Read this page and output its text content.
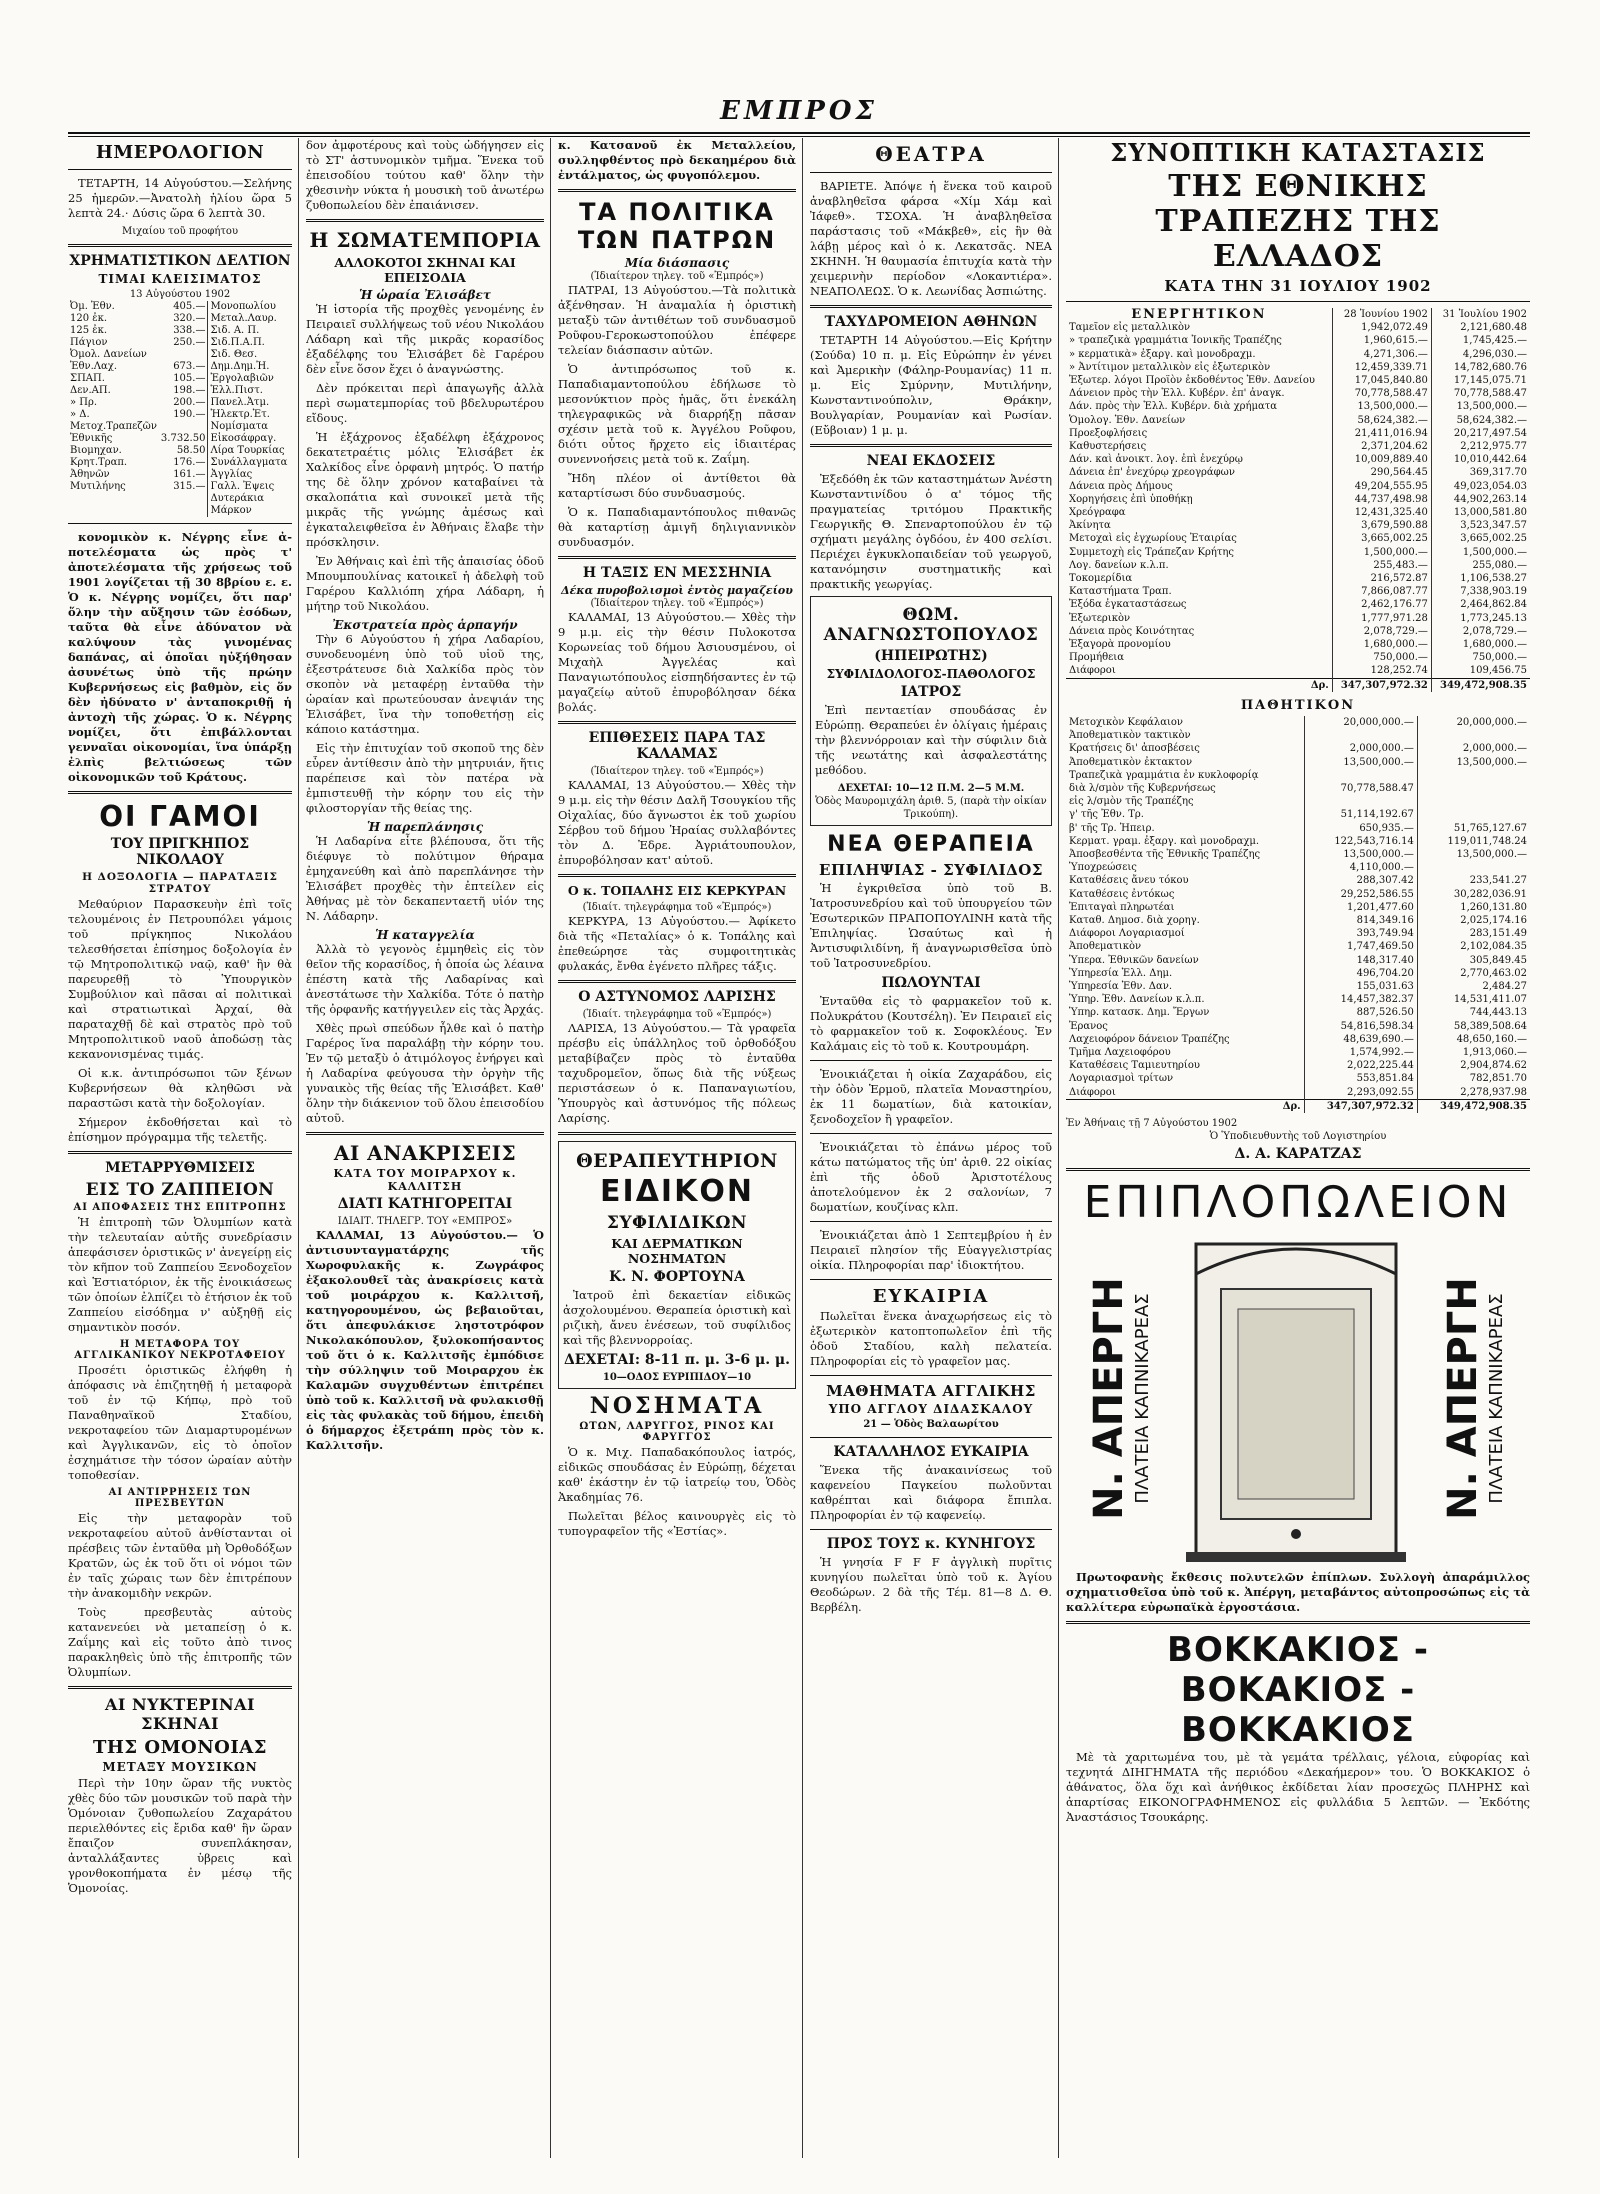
ΕΜΠΡΟΣ
ΗΜΕΡΟΛΟΓΙΟΝ

ΤΕΤΑΡΤΗ, 14 Αὐγούστου.—Σελήνης 25 ἡμερῶν.—Ἀνατολὴ ἡλίου ὥρα 5 λεπτὰ 24.· Δύσις ὥρα 6 λεπτὰ 30.

Μιχαίου τοῦ προφήτου
ΧΡΗΜΑΤΙΣΤΙΚΟΝ ΔΕΛΤΙΟΝ
ΤΙΜΑΙ ΚΛΕΙΣΙΜΑΤΟΣ
13 Αὐγούστου 1902
Ὀμ. Ἐθν.	405.—	Μονοπωλίου	
120 ἐκ.	320.—	Μεταλ.Λαυρ.	
125 ἐκ.	338.—	Σιδ. Α. Π.	
Πάγιον	250.—	Σιδ.Π.Α.Π.	
Ὀμολ. Δανείων		Σιδ. Θεσ.	
Ἐθν.Λαχ.	673.—	Δημ.Δημ.Ἠ.	
ΣΠΑΠ.	105.—	Ἐργολαβιῶν	
Δεν.ΑΠ.	198.—	Ἑλλ.Πιστ.	
» Πρ.	200.—	Πανελ.Ἀτμ.	
» Δ.	190.—	Ἠλεκτρ.Ἑτ.	
Μετοχ.Τραπεζῶν		Νομίσματα	
Ἐθνικῆς	3.732.50	Εἰκοσάφραγ.	
Βιομηχαν.	58.50	Λίρα Τουρκίας	
Κρητ.Τραπ.	176.—	Συνάλλαγματα	
Ἀθηνῶν	161.—	Ἀγγλίας	
Μυτιλήνης	315.—	Γαλλ. Ἐψεις	
		Δυτεράκια	
		Μάρκον	

κονομικὸν κ. Νέγρης εἶνε ἀ-ποτελέσματα ὡς πρὸς τ' ἀποτελέσματα τῆς χρήσεως τοῦ 1901 λογίζεται τῇ 30 8βρίου ε. ε. Ὁ κ. Νέγρης νομίζει, ὅτι παρ' ὅλην τὴν αὔξησιν τῶν ἐσόδων, ταῦτα θὰ εἶνε ἀδύνατον νὰ καλύψουν τὰς γινομένας δαπάνας, αἱ ὁποῖαι ηὐξήθησαν ἀσυνέτως ὑπὸ τῆς πρώην Κυβερνήσεως εἰς βαθμὸν, εἰς ὅν δὲν ἠδύνατο ν' ἀνταποκριθῇ ἡ ἀντοχὴ τῆς χώρας. Ὁ κ. Νέγρης νομίζει, ὅτι ἐπιβάλλονται γενναῖαι οἰκονομίαι, ἵνα ὑπάρξῃ ἐλπὶς βελτιώσεως τῶν οἰκονομικῶν τοῦ Κράτους.

ΟΙ ΓΑΜΟΙ
ΤΟΥ ΠΡΙΓΚΗΠΟΣ ΝΙΚΟΛΑΟΥ
Η ΔΟΞΟΛΟΓΙΑ — ΠΑΡΑΤΑΞΙΣ ΣΤΡΑΤΟΥ

Μεθαύριον Παρασκευὴν ἐπὶ τοῖς τελουμένοις ἐν Πετρουπόλει γάμοις τοῦ πρίγκηπος Νικολάου τελεσθήσεται ἐπίσημος δοξολογία ἐν τῷ Μητροπολιτικῷ ναῷ, καθ' ἣν θὰ παρευρεθῇ τὸ Ὑπουργικὸν Συμβούλιον καὶ πᾶσαι αἱ πολιτικαὶ καὶ στρατιωτικαὶ Ἀρχαί, θὰ παραταχθῇ δὲ καὶ στρατὸς πρὸ τοῦ Μητροπολιτικοῦ ναοῦ ἀποδώσῃ τὰς κεκανονισμένας τιμάς.

Οἱ κ.κ. ἀντιπρόσωποι τῶν ξένων Κυβερνήσεων θὰ κληθῶσι νὰ παραστῶσι κατὰ τὴν δοξολογίαν.

Σήμερον ἐκδοθήσεται καὶ τὸ ἐπίσημον πρόγραμμα τῆς τελετῆς.

ΜΕΤΑΡΡΥΘΜΙΣΕΙΣ
ΕΙΣ ΤΟ ΖΑΠΠΕΙΟΝ
ΑΙ ΑΠΟΦΑΣΕΙΣ ΤΗΣ ΕΠΙΤΡΟΠΗΣ

Ἡ ἐπιτροπὴ τῶν Ὀλυμπίων κατὰ τὴν τελευταίαν αὐτῆς συνεδρίασιν ἀπεφάσισεν ὁριστικῶς ν' ἀνεγείρῃ εἰς τὸν κῆπον τοῦ Ζαππείου Ξενοδοχεῖον καὶ Ἑστιατόριον, ἐκ τῆς ἐνοικιάσεως τῶν ὁποίων ἐλπίζει τὸ ἐτήσιον ἐκ τοῦ Ζαππείου εἰσόδημα ν' αὐξηθῇ εἰς σημαντικὸν ποσόν.

Η ΜΕΤΑΦΟΡΑ ΤΟΥ ΑΓΓΛΙΚΑΝΙΚΟΥ ΝΕΚΡΟΤΑΦΕΙΟΥ

Προσέτι ὁριστικῶς ἐλήφθη ἡ ἀπόφασις νὰ ἐπιζητηθῇ ἡ μεταφορὰ τοῦ ἐν τῷ Κήπῳ, πρὸ τοῦ Παναθηναϊκοῦ Σταδίου, νεκροταφείου τῶν Διαμαρτυρομένων καὶ Ἀγγλικανῶν, εἰς τὸ ὁποῖον ἐσχημάτισε τὴν τόσον ὡραίαν αὐτὴν τοποθεσίαν.

ΑΙ ΑΝΤΙΡΡΗΣΕΙΣ ΤΩΝ ΠΡΕΣΒΕΥΤΩΝ

Εἰς τὴν μεταφορὰν τοῦ νεκροταφείου αὐτοῦ ἀνθίστανται οἱ πρέσβεις τῶν ἐνταῦθα μὴ Ὀρθοδόξων Κρατῶν, ὡς ἐκ τοῦ ὅτι οἱ νόμοι τῶν ἐν ταῖς χώραις των δὲν ἐπιτρέπουν τὴν ἀνακομιδὴν νεκρῶν.

Τοὺς πρεσβευτὰς αὐτοὺς κατανενεύει νὰ μεταπείσῃ ὁ κ. Ζαΐμης καὶ εἰς τοῦτο ἀπὸ τινος παρακληθεὶς ὑπὸ τῆς ἐπιτροπῆς τῶν Ὀλυμπίων.

ΑΙ ΝΥΚΤΕΡΙΝΑΙ ΣΚΗΝΑΙ
ΤΗΣ ΟΜΟΝΟΙΑΣ
ΜΕΤΑΞΥ ΜΟΥΣΙΚΩΝ

Περὶ τὴν 10ην ὥραν τῆς νυκτὸς χθὲς δύο τῶν μουσικῶν τοῦ παρὰ τὴν Ὁμόνοιαν ζυθοπωλείου Ζαχαράτου περιελθόντες εἰς ἔριδα καθ' ἣν ὥραν ἔπαιζον συνεπλάκησαν, ἀνταλλάξαντες ὑβρεις καὶ γρονθοκοπήματα ἐν μέσῳ τῆς Ὁμονοίας.

δον ἀμφοτέρους καὶ τοὺς ὡδήγησεν εἰς τὸ ΣΤ' ἀστυνομικὸν τμῆμα. Ἕνεκα τοῦ ἐπεισοδίου τούτου καθ' ὅλην τὴν χθεσινὴν νύκτα ἡ μουσικὴ τοῦ ἀνωτέρω ζυθοπωλείου δὲν ἐπαιάνισεν.

Η ΣΩΜΑΤΕΜΠΟΡΙΑ
ΑΛΛΟΚΟΤΟΙ ΣΚΗΝΑΙ ΚΑΙ ΕΠΕΙΣΟΔΙΑ
Ἡ ὡραία Ἐλισάβετ

Ἡ ἱστορία τῆς προχθὲς γενομένης ἐν Πειραιεῖ συλλήψεως τοῦ νέου Νικολάου Λάδαρη καὶ τῆς μικρᾶς κορασίδος ἐξαδέλφης του Ἐλισάβετ δὲ Γαρέρου δὲν εἶνε ὅσον ἔχει ὁ ἀναγνώστης.

Δὲν πρόκειται περὶ ἁπαγωγῆς ἀλλὰ περὶ σωματεμπορίας τοῦ βδελυρωτέρου εἴδους.

Ἡ ἐξάχρονος ἐξαδέλφη ἐξάχρονος δεκατετραέτις μόλις Ἐλισάβετ ἐκ Χαλκίδος εἶνε ὀρφανὴ μητρός. Ὁ πατήρ της δὲ ὅλην χρόνον καταβαίνει τὰ σκαλοπάτια καὶ συνοικεῖ μετὰ τῆς μικρᾶς τῆς γνώμης ἀμέσως καὶ ἐγκαταλειφθεῖσα ἐν Ἀθήναις ἔλαβε τὴν πρόσκλησιν.

Ἐν Ἀθήναις καὶ ἐπὶ τῆς ἀπαισίας ὁδοῦ Μπουμπουλίνας κατοικεῖ ἡ ἀδελφὴ τοῦ Γαρέρου Καλλιόπη χήρα Λάδαρη, ἡ μήτηρ τοῦ Νικολάου.

Ἐκστρατεία πρὸς ἁρπαγήν

Τὴν 6 Αὐγούστου ἡ χήρα Λαδαρίου, συνοδευομένη ὑπὸ τοῦ υἱοῦ της, ἐξεστράτευσε διὰ Χαλκίδα πρὸς τὸν σκοπὸν νὰ μεταφέρῃ ἐνταῦθα τὴν ὡραίαν καὶ πρωτεύουσαν ἀνεψιάν της Ἐλισάβετ, ἵνα τὴν τοποθετήσῃ εἰς κάποιο κατάστημα.

Εἰς τὴν ἐπιτυχίαν τοῦ σκοποῦ της δὲν εὗρεν ἀντίθεσιν ἀπὸ τὴν μητρυιάν, ἥτις παρέπεισε καὶ τὸν πατέρα νὰ ἐμπιστευθῇ τὴν κόρην του εἰς τὴν φιλοστοργίαν τῆς θείας της.

Ἡ παρεπλάνησις

Ἡ Λαδαρίνα εἶτε βλέπουσα, ὅτι τῆς διέφυγε τὸ πολύτιμον θήραμα ἐμηχανεύθη καὶ ἀπὸ παρεπλάνησε τὴν Ἐλισάβετ προχθὲς τὴν ἐπτείλεν εἰς Ἀθήνας μὲ τὸν δεκαπενταετῆ υἱόν της Ν. Λάδαρην.

Ἡ καταγγελία

Ἀλλὰ τὸ γεγονὸς ἐμμηθεὶς εἰς τὸν θεῖον τῆς κορασίδος, ἡ ὁποία ὡς λέαινα ἐπέστη κατὰ τῆς Λαδαρίνας καὶ ἀνεστάτωσε τὴν Χαλκίδα. Τότε ὁ πατὴρ τῆς ὀρφανῆς κατήγγειλεν εἰς τὰς Ἀρχάς.

Χθὲς πρωὶ σπεύδων ἦλθε καὶ ὁ πατὴρ Γαρέρος ἵνα παραλάβῃ τὴν κόρην του. Ἐν τῷ μεταξὺ ὁ ἀτιμόλογος ἐνήργει καὶ ἡ Λαδαρίνα φεύγουσα τὴν ὀργὴν τῆς γυναικὸς τῆς θείας τῆς Ἐλισάβετ. Καθ' ὅλην τὴν διάκενιον τοῦ ὅλου ἐπεισοδίου αὐτοῦ.

ΑΙ ΑΝΑΚΡΙΣΕΙΣ
ΚΑΤΑ ΤΟΥ ΜΟΙΡΑΡΧΟΥ κ. ΚΑΛΛΙΤΣΗ
ΔΙΑΤΙ ΚΑΤΗΓΟΡΕΙΤΑΙ
ΙΔΙΑΙΤ. ΤΗΛΕΓΡ. ΤΟΥ «ΕΜΠΡΟΣ»

ΚΑΛΑΜΑΙ, 13 Αὐγούστου.— Ὁ ἀντισυνταγματάρχης τῆς Χωροφυλακῆς κ. Ζωγράφος ἐξακολουθεῖ τὰς ἀνακρίσεις κατὰ τοῦ μοιράρχου κ. Καλλιτσῆ, κατηγορουμένου, ὡς βεβαιοῦται, ὅτι ἀπεφυλάκισε ληστοτρόφον Νικολακόπουλον, ξυλοκοπήσαντος τοῦ ὅτι ὁ κ. Καλλιτσῆς ἐμπόδισε τὴν σύλληψιν τοῦ Μοιραρχου ἐκ Καλαμῶν συγχυθέντων ἐπιτρέπει ὑπὸ τοῦ κ. Καλλιτσῆ νὰ φυλακισθῇ εἰς τὰς φυλακὰς τοῦ δήμου, ἐπειδὴ ὁ δήμαρχος ἐξετράπη πρὸς τὸν κ. Καλλιτσῆν.

κ. Κατσανοῦ ἐκ Μεταλλείου, συλληφθέντος πρὸ δεκαημέρου διὰ ἐντάλματος, ὡς φυγοπόλεμου.

ΤΑ ΠΟΛΙΤΙΚΑ ΤΩΝ ΠΑΤΡΩΝ
Μία διάσπασις
(Ἰδιαίτερον τηλεγ. τοῦ «Ἐμπρός»)

ΠΑΤΡΑΙ, 13 Αὐγούστου.—Τὰ πολιτικὰ ἀξένθησαν. Ἡ ἀναμαλία ἡ ὁριστικὴ μεταξὺ τῶν ἀντιθέτων τοῦ συνδυασμοῦ Ροῦφου-Γεροκωστοπούλου ἐπέφερε τελείαν διάσπασιν αὐτῶν.

Ὁ ἀντιπρόσωπος τοῦ κ. Παπαδιαμαντοπούλου ἐδήλωσε τὸ μεσονύκτιον πρὸς ἡμᾶς, ὅτι ἐνεκάλη τηλεγραφικῶς νὰ διαρρήξῃ πᾶσαν σχέσιν μετὰ τοῦ κ. Ἀγγέλου Ροῦφου, διότι οὗτος ἤρχετο εἰς ἰδιαιτέρας συνεννοήσεις μετὰ τοῦ κ. Ζαΐμη.

Ἤδη πλέον οἱ ἀντίθετοι θὰ καταρτίσωσι δύο συνδυασμούς.

Ὁ κ. Παπαδιαμαντόπουλος πιθανῶς θὰ καταρτίσῃ ἀμιγῆ δηλιγιαννικὸν συνδυασμόν.

Η ΤΑΞΙΣ ΕΝ ΜΕΣΣΗΝΙΑ
Δέκα πυροβολισμοὶ ἐντὸς μαγαζείου
(Ἰδιαίτερον τηλεγ. τοῦ «Ἐμπρός»)

ΚΑΛΑΜΑΙ, 13 Αὐγούστου.— Χθὲς τὴν 9 μ.μ. εἰς τὴν θέσιν Πυλοκοτσα Κορωνείας τοῦ δήμου Ἀσιουσμένου, οἱ Μιχαὴλ Ἀγγελέας καὶ Παναγιωτόπουλος εἰσπηδήσαντες ἐν τῷ μαγαζείῳ αὐτοῦ ἐπυροβόλησαν δέκα βολάς.

ΕΠΙΘΕΣΕΙΣ ΠΑΡΑ ΤΑΣ ΚΑΛΑΜΑΣ
(Ἰδιαίτερον τηλεγ. τοῦ «Ἐμπρός»)

ΚΑΛΑΜΑΙ, 13 Αὐγούστου.— Χθὲς τὴν 9 μ.μ. εἰς τὴν θέσιν Δαλῆ Τσουγκίου τῆς Οἰχαλίας, δύο ἄγνωστοι ἐκ τοῦ χωρίου Σέρβου τοῦ δήμου Ἡραίας συλλαβόντες τὸν Δ. Ἐδρε. Ἀγριάτουπουλον, ἐπυροβόλησαν κατ' αὐτοῦ.

Ο κ. ΤΟΠΑΛΗΣ ΕΙΣ ΚΕΡΚΥΡΑΝ
(Ἰδιαίτ. τηλεγράφημα τοῦ «Ἐμπρός»)

ΚΕΡΚΥΡΑ, 13 Αὐγούστου.— Ἀφίκετο διὰ τῆς «Πεταλίας» ὁ κ. Τοπάλης καὶ ἐπεθεώρησε τὰς συμφοιτητικὰς φυλακάς, ἔνθα ἐγένετο πλῆρες τάξις.

Ο ΑΣΤΥΝΟΜΟΣ ΛΑΡΙΣΗΣ
(Ἰδιαίτ. τηλεγράφημα τοῦ «Ἐμπρός»)

ΛΑΡΙΣΑ, 13 Αὐγούστου.— Τὰ γραφεῖα πρέσβυ εἰς ὑπάλληλος τοῦ ὀρθοδόξου μεταβίβαζεν πρὸς τὸ ἐνταῦθα ταχυδρομεῖον, ὅπως διὰ τῆς νύξεως περιστάσεων ὁ κ. Παπαναγιωτίου, Ὑπουργὸς καὶ ἀστυνόμος τῆς πόλεως Λαρίσης.

ΘΕΡΑΠΕΥΤΗΡΙΟΝ
ΕΙΔΙΚΟΝ
ΣΥΦΙΛΙΔΙΚΩΝ
ΚΑΙ ΔΕΡΜΑΤΙΚΩΝ ΝΟΣΗΜΑΤΩΝ
Κ. Ν. ΦΟΡΤΟΥΝΑ

Ἰατροῦ ἐπὶ δεκαετίαν εἰδικῶς ἀσχολουμένου. Θεραπεία ὁριστικὴ καὶ ριζικὴ, ἄνευ ἐνέσεων, τοῦ συφίλιδος καὶ τῆς βλεννορροίας.

ΔΕΧΕΤΑΙ: 8-11 π. μ. 3-6 μ. μ.
10—ΟΔΟΣ ΕΥΡΙΠΙΔΟΥ—10
ΝΟΣΗΜΑΤΑ
ΩΤΩΝ, ΛΑΡΥΓΓΟΣ, ΡΙΝΟΣ ΚΑΙ ΦΑΡΥΓΓΟΣ

Ὁ κ. Μιχ. Παπαδακόπουλος ἰατρός, εἰδικῶς σπουδάσας ἐν Εὐρώπῃ, δέχεται καθ' ἑκάστην ἐν τῷ ἰατρείῳ του, Ὁδὸς Ἀκαδημίας 76.

Πωλεῖται βέλος καινουργὲς εἰς τὸ τυπογραφεῖον τῆς «Ἑστίας».

ΘΕΑΤΡΑ

ΒΑΡΙΕΤΕ. Ἀπόψε ἡ ἕνεκα τοῦ καιροῦ ἀναβληθεῖσα φάρσα «Χίμ Χάμ καὶ Ἰάφεθ». ΤΣΟΧΑ. Ἡ ἀναβληθεῖσα παράστασις τοῦ «Μάκβεθ», εἰς ἣν θὰ λάβῃ μέρος καὶ ὁ κ. Λεκατσᾶς. ΝΕΑ ΣΚΗΝΗ. Ἡ θαυμασία ἐπιτυχία κατὰ τὴν χειμερινὴν περίοδον «Λοκαντιέρα». ΝΕΑΠΟΛΕΩΣ. Ὁ κ. Λεωνίδας Ἀσπιώτης.

ΤΑΧΥΔΡΟΜΕΙΟΝ ΑΘΗΝΩΝ

ΤΕΤΑΡΤΗ 14 Αὐγούστου.—Εἰς Κρήτην (Σούδα) 10 π. μ. Εἰς Εὐρώπην ἐν γένει καὶ Ἀμερικὴν (Φάληρ-Ρουμανίας) 11 π. μ. Εἰς Σμύρνην, Μυτιλήνην, Κωνσταντινούπολιν, Θράκην, Βουλγαρίαν, Ρουμανίαν καὶ Ρωσίαν. (Εὔβοιαν) 1 μ. μ.

ΝΕΑΙ ΕΚΔΟΣΕΙΣ

Ἐξεδόθη ἐκ τῶν καταστημάτων Ἀνέστη Κωνσταντινίδου ὁ α' τόμος τῆς πραγματείας τριτόμου Πρακτικῆς Γεωργικῆς Θ. Σπεναρτοπούλου ἐν τῷ σχήματι μεγάλης ὀγδόου, ἐν 400 σελίσι. Περιέχει ἐγκυκλοπαιδείαν τοῦ γεωργοῦ, κατανόμησιν συστηματικῆς καὶ πρακτικῆς γεωργίας.

ΘΩΜ. ΑΝΑΓΝΩΣΤΟΠΟΥΛΟΣ
(ΗΠΕΙΡΩΤΗΣ)
ΣΥΦΙΛΙΔΟΛΟΓΟΣ-ΠΑΘΟΛΟΓΟΣ
ΙΑΤΡΟΣ

Ἐπὶ πενταετίαν σπουδάσας ἐν Εὐρώπῃ. Θεραπεύει ἐν ὀλίγαις ἡμέραις τὴν βλεννόρροιαν καὶ τὴν σύφιλιν διὰ τῆς νεωτάτης καὶ ἀσφαλεστάτης μεθόδου.

ΔΕΧΕΤΑΙ: 10—12 Π.Μ. 2—5 Μ.Μ.
Ὁδὸς Μαυρομιχάλη ἀριθ. 5, (παρὰ τὴν οἰκίαν Τρικούπη).
ΝΕΑ ΘΕΡΑΠΕΙΑ
ΕΠΙΛΗΨΙΑΣ - ΣΥΦΙΛΙΔΟΣ

Ἡ ἐγκριθεῖσα ὑπὸ τοῦ Β. Ἰατροσυνεδρίου καὶ τοῦ ὑπουργείου τῶν Ἐσωτερικῶν ΠΡΑΠΟΠΟΥΛΙΝΗ κατὰ τῆς Ἐπιληψίας. Ὡσαύτως καὶ ἡ Ἀντισυφιλιδίνη, ἥ ἀναγνωρισθεῖσα ὑπὸ τοῦ Ἰατροσυνεδρίου.

ΠΩΛΟΥΝΤΑΙ

Ἐνταῦθα εἰς τὸ φαρμακεῖον τοῦ κ. Πολυκράτου (Κουτσέλη). Ἐν Πειραιεῖ εἰς τὸ φαρμακεῖον τοῦ κ. Σοφοκλέους. Ἐν Καλάμαις εἰς τὸ τοῦ κ. Κουτρουμάρη.

Ἐνοικιάζεται ἡ οἰκία Ζαχαράδου, εἰς τὴν ὁδὸν Ἑρμοῦ, πλατεῖα Μοναστηρίου, ἐκ 11 δωματίων, διὰ κατοικίαν, ξενοδοχεῖον ἢ γραφεῖον.

Ἐνοικιάζεται τὸ ἐπάνω μέρος τοῦ κάτω πατώματος τῆς ὑπ' ἀριθ. 22 οἰκίας ἐπὶ τῆς ὁδοῦ Ἀριστοτέλους ἀποτελούμενον ἐκ 2 σαλονίων, 7 δωματίων, κουζίνας κλπ.

Ἐνοικιάζεται ἀπὸ 1 Σεπτεμβρίου ἡ ἐν Πειραιεῖ πλησίον τῆς Εὐαγγελιστρίας οἰκία. Πληροφορίαι παρ' ἰδιοκτήτου.

ΕΥΚΑΙΡΙΑ

Πωλεῖται ἕνεκα ἀναχωρήσεως εἰς τὸ ἐξωτερικὸν κατοπτοπωλεῖον ἐπὶ τῆς ὁδοῦ Σταδίου, καλὴ πελατεία. Πληροφορίαι εἰς τὸ γραφεῖον μας.

ΜΑΘΗΜΑΤΑ ΑΓΓΛΙΚΗΣ
ΥΠΟ ΑΓΓΛΟΥ ΔΙΔΑΣΚΑΛΟΥ
21 — Ὁδὸς Βαλαωρίτου
ΚΑΤΑΛΛΗΛΟΣ ΕΥΚΑΙΡΙΑ

Ἕνεκα τῆς ἀνακαινίσεως τοῦ καφενείου Παγκείου πωλοῦνται καθρέπται καὶ διάφορα ἔπιπλα. Πληροφορίαι ἐν τῷ καφενείῳ.

ΠΡΟΣ ΤΟΥΣ κ. ΚΥΝΗΓΟΥΣ

Ἡ γνησία F F F ἀγγλικὴ πυρῖτις κυνηγίου πωλεῖται ὑπὸ τοῦ κ. Ἀγίου Θεοδώρων. 2 δὰ τῆς Τέμ. 81—8 Δ. Θ. Βερβέλη.

ΣΥΝΟΠΤΙΚΗ ΚΑΤΑΣΤΑΣΙΣ
ΤΗΣ ΕΘΝΙΚΗΣ ΤΡΑΠΕΖΗΣ ΤΗΣ ΕΛΛΑΔΟΣ
ΚΑΤΑ ΤΗΝ 31 ΙΟΥΛΙΟΥ 1902
ΕΝΕΡΓΗΤΙΚΟΝ	28 Ἰουνίου 1902	31 Ἰουλίου 1902
Ταμεῖον εἰς μεταλλικὸν	1,942,072.49	2,121,680.48
» τραπεζικὰ γραμμάτια Ἰονικῆς Τραπέζης	1,960,615.—	1,745,425.—
» κερματικὰ» ἐξαργ. καὶ μονοδραχμ.	4,271,306.—	4,296,030.—
» Ἀντίτιμον μεταλλικὸν εἰς ἐξωτερικὸν	12,459,339.71	14,782,680.76
Ἐξωτερ. λόγοι Προϊὸν ἐκδοθέντος Ἐθν. Δανείου	17,045,840.80	17,145,075.71
Δάνειον πρὸς τὴν Ἑλλ. Κυβέρν. ἐπ' ἀναγκ.	70,778,588.47	70,778,588.47
Δάν. πρὸς τὴν Ἑλλ. Κυβέρν. διὰ χρήματα	13,500,000.—	13,500,000.—
Ὁμολογ. Ἐθν. Δανείων	58,624,382.—	58,624,382.—
Προεξοφλήσεις	21,411,016.94	20,217,497.54
Καθυστερήσεις	2,371,204.62	2,212,975.77
Δάν. καὶ ἀνοικτ. λογ. ἐπὶ ἐνεχύρῳ	10,009,889.40	10,010,442.64
Δάνεια ἐπ' ἐνεχύρῳ χρεογράφων	290,564.45	369,317.70
Δάνεια πρὸς Δήμους	49,204,555.95	49,023,054.03
Χορηγήσεις ἐπὶ ὑποθήκῃ	44,737,498.98	44,902,263.14
Χρεόγραφα	12,431,325.40	13,000,581.80
Ἀκίνητα	3,679,590.88	3,523,347.57
Μετοχαὶ εἰς ἐγχωρίους Ἐταιρίας	3,665,002.25	3,665,002.25
Συμμετοχὴ εἰς Τράπεζαν Κρήτης	1,500,000.—	1,500,000.—
Λογ. δανείων κ.λ.π.	255,483.—	255,080.—
Τοκομερίδια	216,572.87	1,106,538.27
Καταστήματα Τραπ.	7,866,087.77	7,338,903.19
Ἐξόδα ἐγκαταστάσεως	2,462,176.77	2,464,862.84
Ἐξωτερικὸν	1,777,971.28	1,773,245.13
Δάνεια πρὸς Κοινότητας	2,078,729.—	2,078,729.—
Ἐξαγορὰ προνομίου	1,680,000.—	1,680,000.—
Προμήθεια	750,000.—	750,000.—
Διάφοροι	128,252.74	109,456.75
Δρ.	347,307,972.32	349,472,908.35
ΠΑΘΗΤΙΚΟΝ
Μετοχικὸν Κεφάλαιον	20,000,000.—	20,000,000.—
Ἀποθεματικὸν τακτικὸν		
Κρατήσεις δι' ἀποσβέσεις	2,000,000.—	2,000,000.—
Ἀποθεματικὸν ἐκτακτον	13,500,000.—	13,500,000.—
Τραπεζικὰ γραμμάτια ἐν κυκλοφορίᾳ		
διὰ λ/σμὸν τῆς Κυβερνήσεως	70,778,588.47	
εἰς λ/σμὸν τῆς Τραπέζης		
γ' τῆς Ἐθν. Τρ.	51,114,192.67	
β' τῆς Τρ. Ἠπειρ.	650,935.—	51,765,127.67
Κερματ. γραμ. ἐξαργ. καὶ μονοδραχμ.	122,543,716.14	119,011,748.24
Ἀποσβεσθέντα τῆς Ἐθνικῆς Τραπέζης	13,500,000.—	13,500,000.—
Ὑποχρεώσεις	4,110,000.—	
Καταθέσεις ἄνευ τόκου	288,307.42	233,541.27
Καταθέσεις ἐντόκως	29,252,586.55	30,282,036.91
Ἐπιταγαὶ πληρωτέαι	1,201,477.60	1,260,131.80
Καταθ. Δημοσ. διὰ χορηγ.	814,349.16	2,025,174.16
Διάφοροι Λογαριασμοί	393,749.94	283,151.49
Ἀποθεματικὸν	1,747,469.50	2,102,084.35
Ὑπερα. Ἐθνικῶν δανείων	148,317.40	305,849.45
Ὑπηρεσία Ἑλλ. Δημ.	496,704.20	2,770,463.02
Ὑπηρεσία Ἐθν. Δαν.	155,031.63	2,484.27
Ὑπηρ. Ἐθν. Δανείων κ.λ.π.	14,457,382.37	14,531,411.07
Ὑπηρ. κατασκ. Δημ. Ἔργων	887,526.50	744,443.13
Ἐρανος	54,816,598.34	58,389,508.64
Λαχειοφόρον δάνειον Τραπέζης	48,639,690.—	48,650,160.—
Τμῆμα Λαχειοφόρου	1,574,992.—	1,913,060.—
Καταθέσεις Ταμιευτηρίου	2,022,225.44	2,904,874.62
Λογαριασμοὶ τρίτων	553,851.84	782,851.70
Διάφοροι	2,293,092.55	2,278,937.98
Δρ.	347,307,972.32	349,472,908.35
Ἐν Ἀθήναις τῇ 7 Αὐγούστου 1902
Ὁ Ὑποδιευθυντὴς τοῦ Λογιστηρίου
Δ. Α. ΚΑΡΑΤΖΑΣ
ΕΠΙΠΛΟΠΩΛΕΙΟΝ
Ν. ΑΠΕΡΓΗ ΠΛΑΤΕΙΑ ΚΑΠΝΙΚΑΡΕΑΣ	Ν. ΑΠΕΡΓΗ ΠΛΑΤΕΙΑ ΚΑΠΝΙΚΑΡΕΑΣ

Πρωτοφανὴς ἔκθεσις πολυτελῶν ἐπίπλων. Συλλογὴ ἀπαράμιλλος σχηματισθεῖσα ὑπὸ τοῦ κ. Ἀπέργη, μεταβάντος αὐτοπροσώπως εἰς τὰ καλλίτερα εὐρωπαϊκὰ ἐργοστάσια.

ΒΟΚΚΑΚΙΟΣ - ΒΟΚΑΚΙΟΣ - ΒΟΚΚΑΚΙΟΣ

Μὲ τὰ χαριτωμένα του, μὲ τὰ γεμάτα τρέλλαις, γέλοια, εὐφορίας καὶ τεχνητά ΔΙΗΓΗΜΑΤΑ τῆς περιόδου «Δεκαήμερον» του. Ὁ ΒΟΚΚΑΚΙΟΣ ὁ ἀθάνατος, ὅλα ὅχι καὶ ἀνήθικος ἐκδίδεται λίαν προσεχῶς ΠΛΗΡΗΣ καὶ ἀπαρτίσας ΕΙΚΟΝΟΓΡΑΦΗΜΕΝΟΣ εἰς φυλλάδια 5 λεπτῶν. — Ἐκδότης Ἀναστάσιος Τσουκάρης.
